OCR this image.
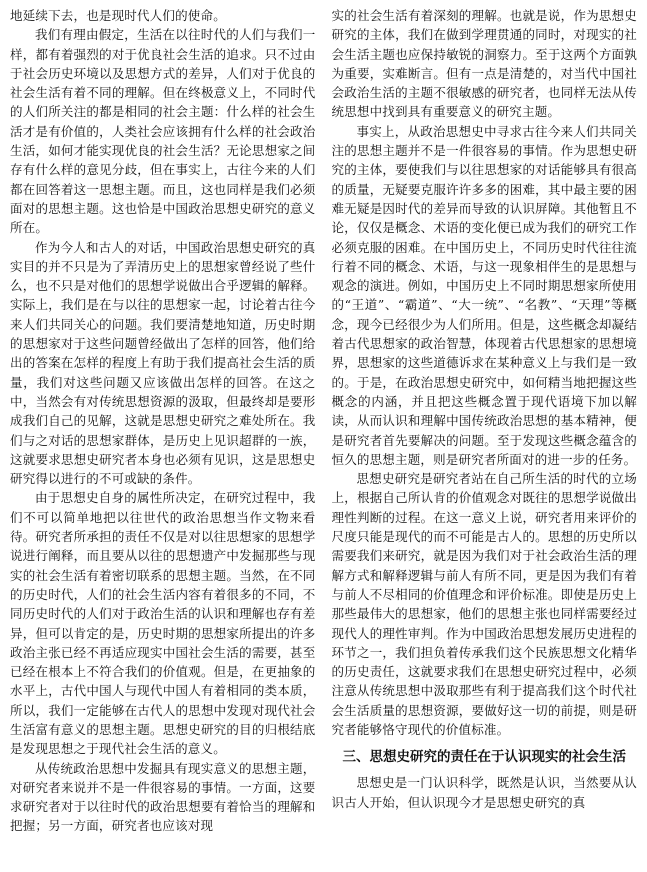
地延续下去，也是现时代人们的使命。

我们有理由假定，生活在以往时代的人们与我们一样，都有着强烈的对于优良社会生活的追求。只不过由于社会历史环境以及思想方式的差异，人们对于优良的社会生活有着不同的理解。但在终极意义上，不同时代的人们所关注的都是相同的社会主题：什么样的社会生活才是有价值的，人类社会应该拥有什么样的社会政治生活，如何才能实现优良的社会生活？无论思想家之间存有什么样的意见分歧，但在事实上，古往今来的人们都在回答着这一思想主题。而且，这也同样是我们必须面对的思想主题。这也恰是中国政治思想史研究的意义所在。

作为今人和古人的对话，中国政治思想史研究的真实目的并不只是为了弄清历史上的思想家曾经说了些什么，也不只是对他们的思想学说做出合乎逻辑的解释。实际上，我们是在与以往的思想家一起，讨论着古往今来人们共同关心的问题。我们要清楚地知道，历史时期的思想家对于这些问题曾经做出了怎样的回答，他们给出的答案在怎样的程度上有助于我们提高社会生活的质量，我们对这些问题又应该做出怎样的回答。在这之中，当然会有对传统思想资源的汲取，但最终却是要形成我们自己的见解，这就是思想史研究之难处所在。我们与之对话的思想家群体，是历史上见识超群的一族，这就要求思想史研究者本身也必须有见识，这是思想史研究得以进行的不可或缺的条件。

由于思想史自身的属性所决定，在研究过程中，我们不可以简单地把以往世代的政治思想当作文物来看待。研究者所承担的责任不仅是对以往思想家的思想学说进行阐释，而且要从以往的思想遗产中发掘那些与现实的社会生活有着密切联系的思想主题。当然，在不同的历史时代，人们的社会生活内容有着很多的不同，不同历史时代的人们对于政治生活的认识和理解也存有差异，但可以肯定的是，历史时期的思想家所提出的许多政治主张已经不再适应现实中国社会生活的需要，甚至已经在根本上不符合我们的价值观。但是，在更抽象的水平上，古代中国人与现代中国人有着相同的类本质，所以，我们一定能够在古代人的思想中发现对现代社会生活富有意义的思想主题。思想史研究的目的归根结底是发现思想之于现代社会生活的意义。

从传统政治思想中发掘具有现实意义的思想主题，对研究者来说并不是一件很容易的事情。一方面，这要求研究者对于以往时代的政治思想要有着恰当的理解和把握；另一方面，研究者也应该对现

实的社会生活有着深刻的理解。也就是说，作为思想史研究的主体，我们在做到学理贯通的同时，对现实的社会生活主题也应保持敏锐的洞察力。至于这两个方面孰为重要，实难断言。但有一点是清楚的，对当代中国社会政治生活的主题不很敏感的研究者，也同样无法从传统思想中找到具有重要意义的研究主题。

事实上，从政治思想史中寻求古往今来人们共同关注的思想主题并不是一件很容易的事情。作为思想史研究的主体，要使我们与以往思想家的对话能够具有很高的质量，无疑要克服许许多多的困难，其中最主要的困难无疑是因时代的差异而导致的认识屏障。其他暂且不论，仅仅是概念、术语的变化便已成为我们的研究工作必须克服的困难。在中国历史上，不同历史时代往往流行着不同的概念、术语，与这一现象相伴生的是思想与观念的演进。例如，中国历史上不同时期思想家所使用的“王道”、“霸道”、“大一统”、“名教”、“天理”等概念，现今已经很少为人们所用。但是，这些概念却凝结着古代思想家的政治智慧，体现着古代思想家的思想境界，思想家的这些道德诉求在某种意义上与我们是一致的。于是，在政治思想史研究中，如何精当地把握这些概念的内涵，并且把这些概念置于现代语境下加以解读，从而认识和理解中国传统政治思想的基本精神，便是研究者首先要解决的问题。至于发现这些概念蕴含的恒久的思想主题，则是研究者所面对的进一步的任务。

思想史研究是研究者站在自己所生活的时代的立场上，根据自己所认肯的价值观念对既往的思想学说做出理性判断的过程。在这一意义上说，研究者用来评价的尺度只能是现代的而不可能是古人的。思想的历史所以需要我们来研究，就是因为我们对于社会政治生活的理解方式和解释逻辑与前人有所不同，更是因为我们有着与前人不尽相同的价值理念和评价标准。即使是历史上那些最伟大的思想家，他们的思想主张也同样需要经过现代人的理性审判。作为中国政治思想发展历史进程的环节之一，我们担负着传承我们这个民族思想文化精华的历史责任，这就要求我们在思想史研究过程中，必须注意从传统思想中汲取那些有利于提高我们这个时代社会生活质量的思想资源，要做好这一切的前提，则是研究者能够恪守现代的价值标准。

三、思想史研究的责任在于认识现实的社会生活

思想史是一门认识科学，既然是认识，当然要从认识古人开始，但认识现今才是思想史研究的真
